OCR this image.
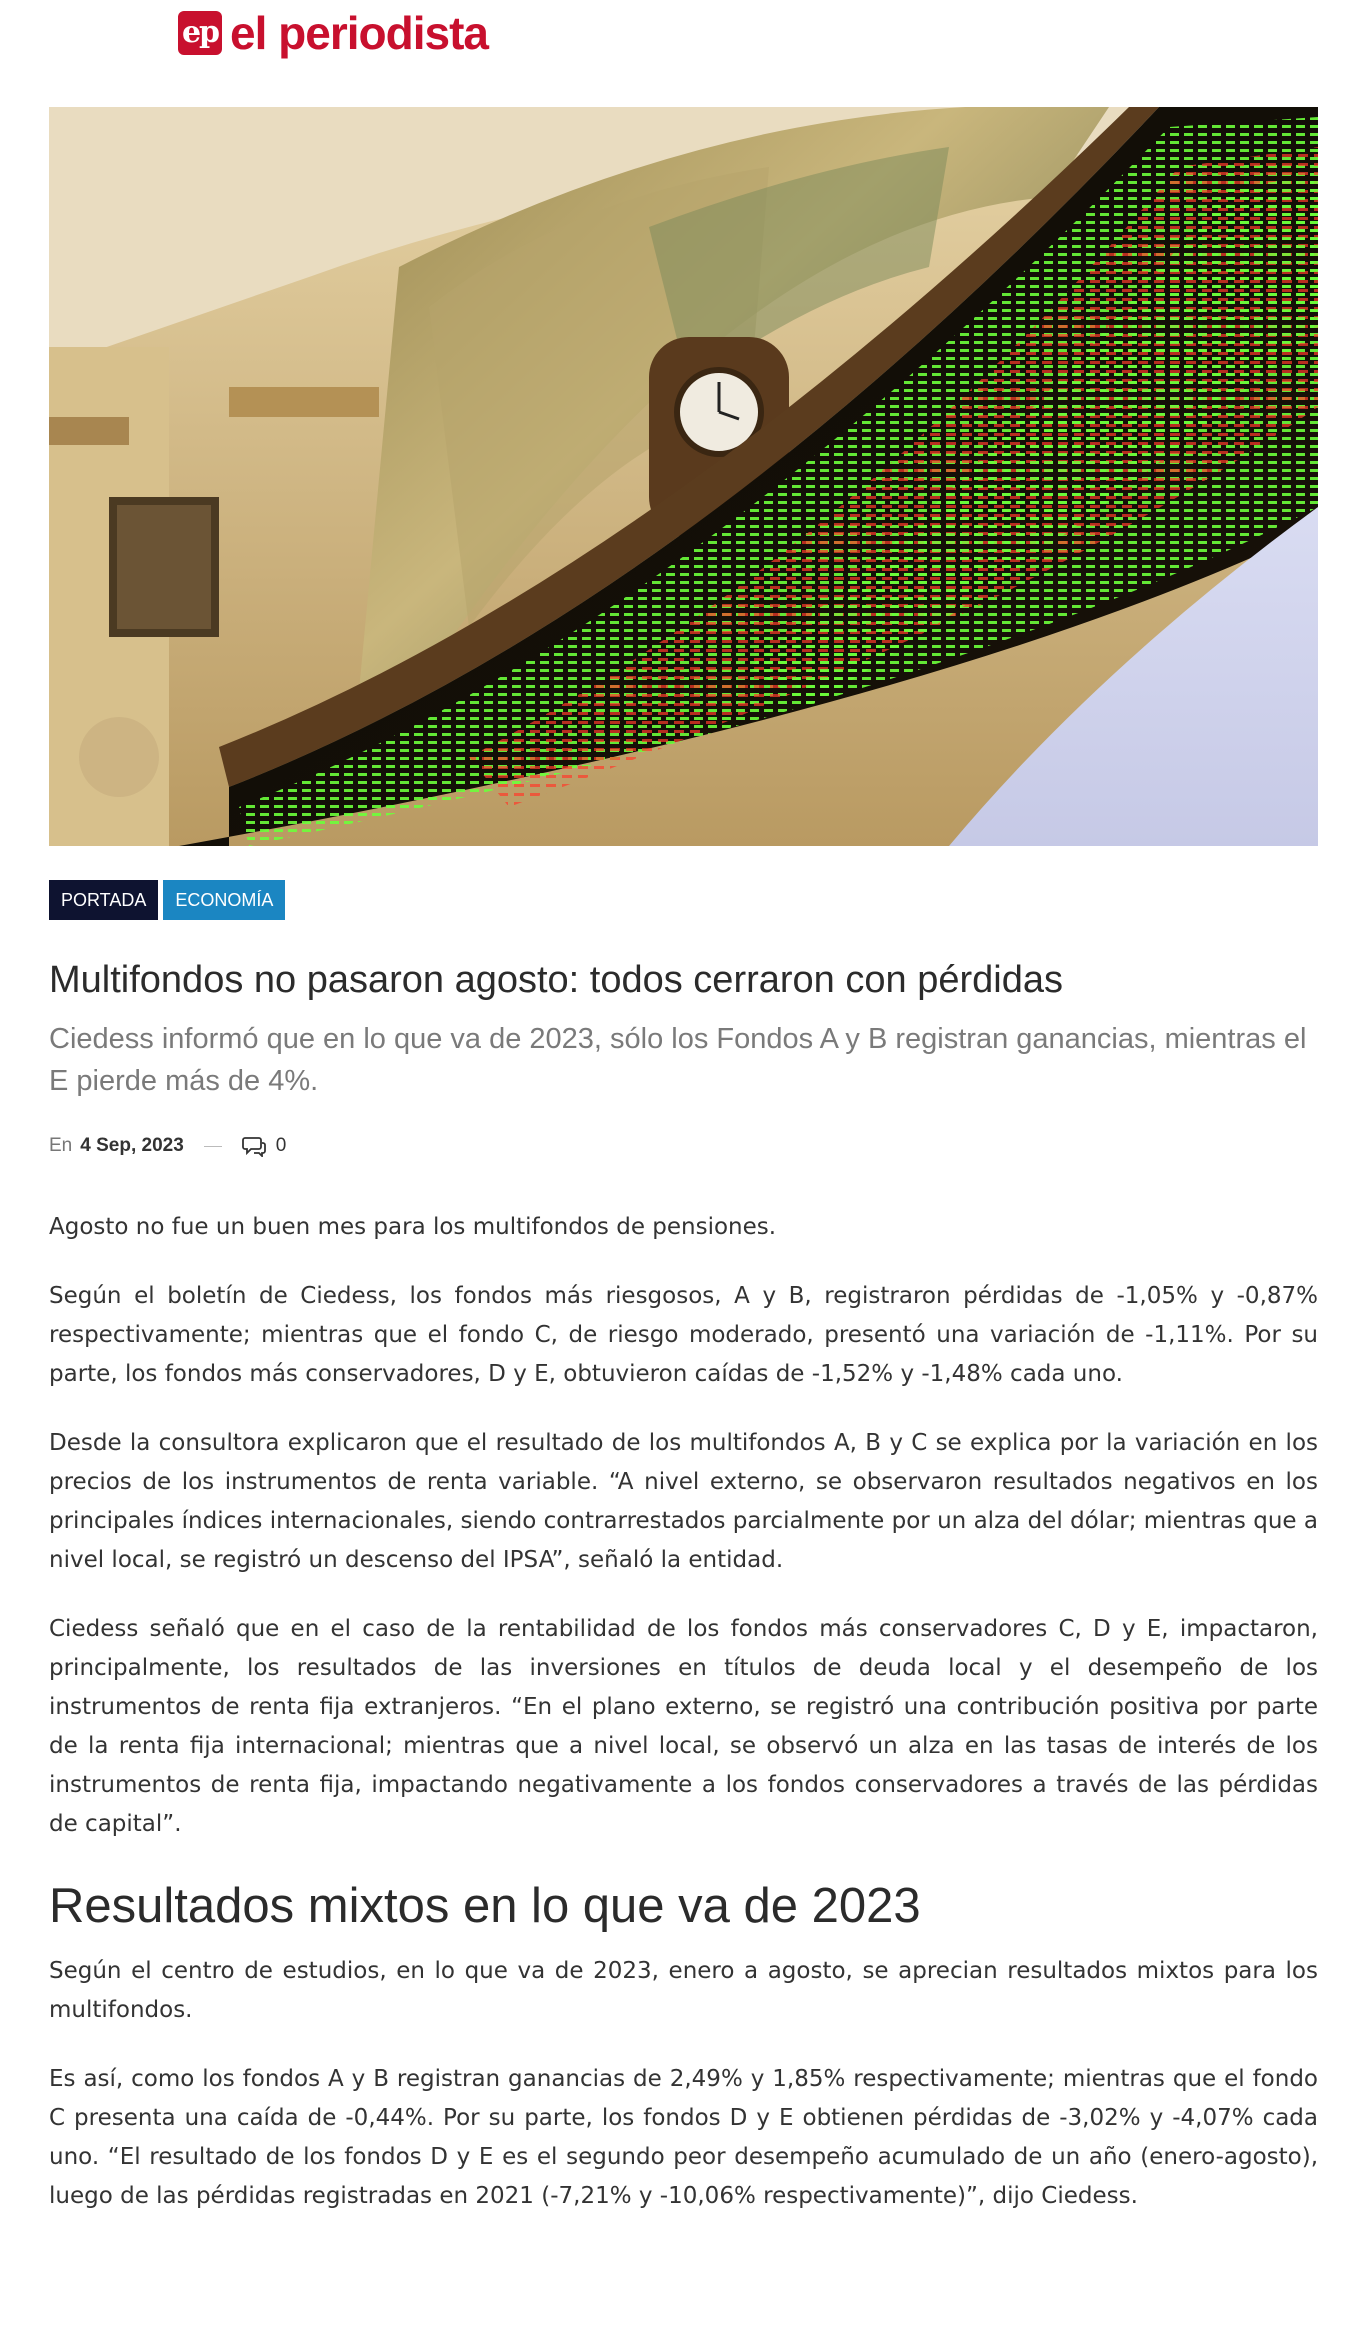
ep el periodista
PORTADA	ECONOMÍA
Multifondos no pasaron agosto: todos cerraron con pérdidas

Ciedess informó que en lo que va de 2023, sólo los Fondos A y B registran ganancias, mientras el E pierde más de 4%.

En 4 Sep, 2023	0

Agosto no fue un buen mes para los multifondos de pensiones.

Según el boletín de Ciedess, los fondos más riesgosos, A y B, registraron pérdidas de -1,05% y -0,87% respectivamente; mientras que el fondo C, de riesgo moderado, presentó una variación de -1,11%. Por su parte, los fondos más conservadores, D y E, obtuvieron caídas de -1,52% y -1,48% cada uno.

Desde la consultora explicaron que el resultado de los multifondos A, B y C se explica por la variación en los precios de los instrumentos de renta variable. “A nivel externo, se observaron resultados negativos en los principales índices internacionales, siendo contrarrestados parcialmente por un alza del dólar; mientras que a nivel local, se registró un descenso del IPSA”, señaló la entidad.

Ciedess señaló que en el caso de la rentabilidad de los fondos más conservadores C, D y E, impactaron, principalmente, los resultados de las inversiones en títulos de deuda local y el desempeño de los instrumentos de renta fija extranjeros. “En el plano externo, se registró una contribución positiva por parte de la renta fija internacional; mientras que a nivel local, se observó un alza en las tasas de interés de los instrumentos de renta fija, impactando negativamente a los fondos conservadores a través de las pérdidas de capital”.

Resultados mixtos en lo que va de 2023

Según el centro de estudios, en lo que va de 2023, enero a agosto, se aprecian resultados mixtos para los multifondos.

Es así, como los fondos A y B registran ganancias de 2,49% y 1,85% respectivamente; mientras que el fondo C presenta una caída de -0,44%. Por su parte, los fondos D y E obtienen pérdidas de -3,02% y -4,07% cada uno. “El resultado de los fondos D y E es el segundo peor desempeño acumulado de un año (enero-agosto), luego de las pérdidas registradas en 2021 (-7,21% y -10,06% respectivamente)”, dijo Ciedess.
